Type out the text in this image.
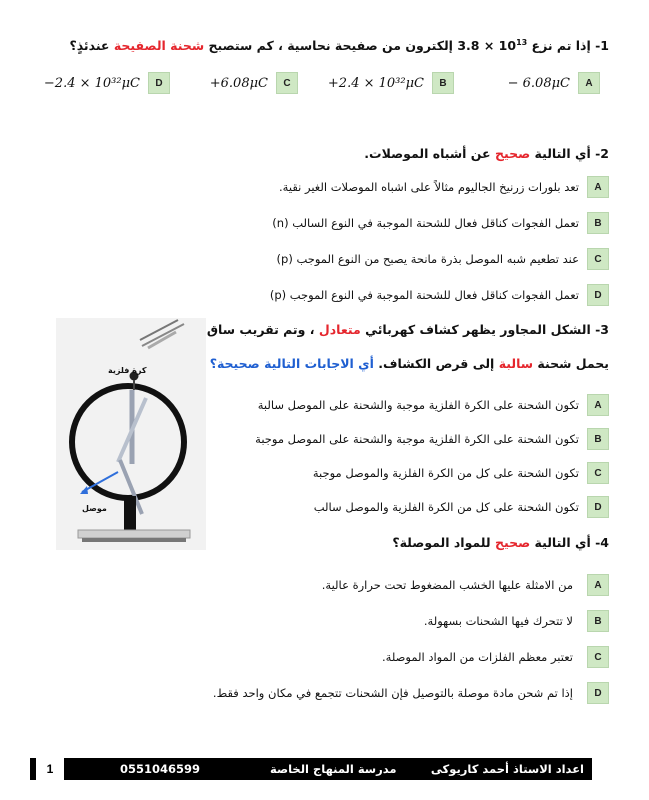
1- إذا تم نزع $10^{13} \times 3.8$ إلكترون من صفيحة نحاسية ، كم ستصبح شحنة الصفيحة عندئذٍ؟
− 6.08μC	A
+2.4 × 10³²μC	B
+6.08μC	C
−2.4 × 10³²μC	D
2- أي التالية صحيح عن أشباه الموصلات.
A
تعد بلورات زرنيخ الجاليوم مثالاً على اشباه الموصلات الغير نقية.
B
تعمل الفجوات كناقل فعال للشحنة الموجبة في النوع السالب (n)
C
عند تطعيم شبه الموصل بذرة مانحة يصبح من النوع الموجب (p)
D
تعمل الفجوات كناقل فعال للشحنة الموجبة في النوع الموجب (p)
3- الشكل المجاور يظهر كشاف كهربائي متعادل ، وتم تقريب ساق
يحمل شحنة سالبة إلى قرص الكشاف. أي الاجابات التالية صحيحة؟
كرة فلزية
موصل
A
تكون الشحنة على الكرة الفلزية موجبة والشحنة على الموصل سالبة
B
تكون الشحنة على الكرة الفلزية موجبة والشحنة على الموصل موجبة
C
تكون الشحنة على كل من الكرة الفلزية والموصل موجبة
D
تكون الشحنة على كل من الكرة الفلزية والموصل سالب
4- أي التالية صحيح للمواد الموصلة؟
A
من الامثلة عليها الخشب المضغوط تحت حرارة عالية.
B
لا تتحرك فيها الشحنات بسهولة.
C
تعتبر معظم الفلزات من المواد الموصلة.
D
إذا تم شحن مادة موصلة بالتوصيل فإن الشحنات تتجمع في مكان واحد فقط.
0551046599	مدرسة المنهاج الخاصة	اعداد الاستاذ أحمد كاريوكى
1
